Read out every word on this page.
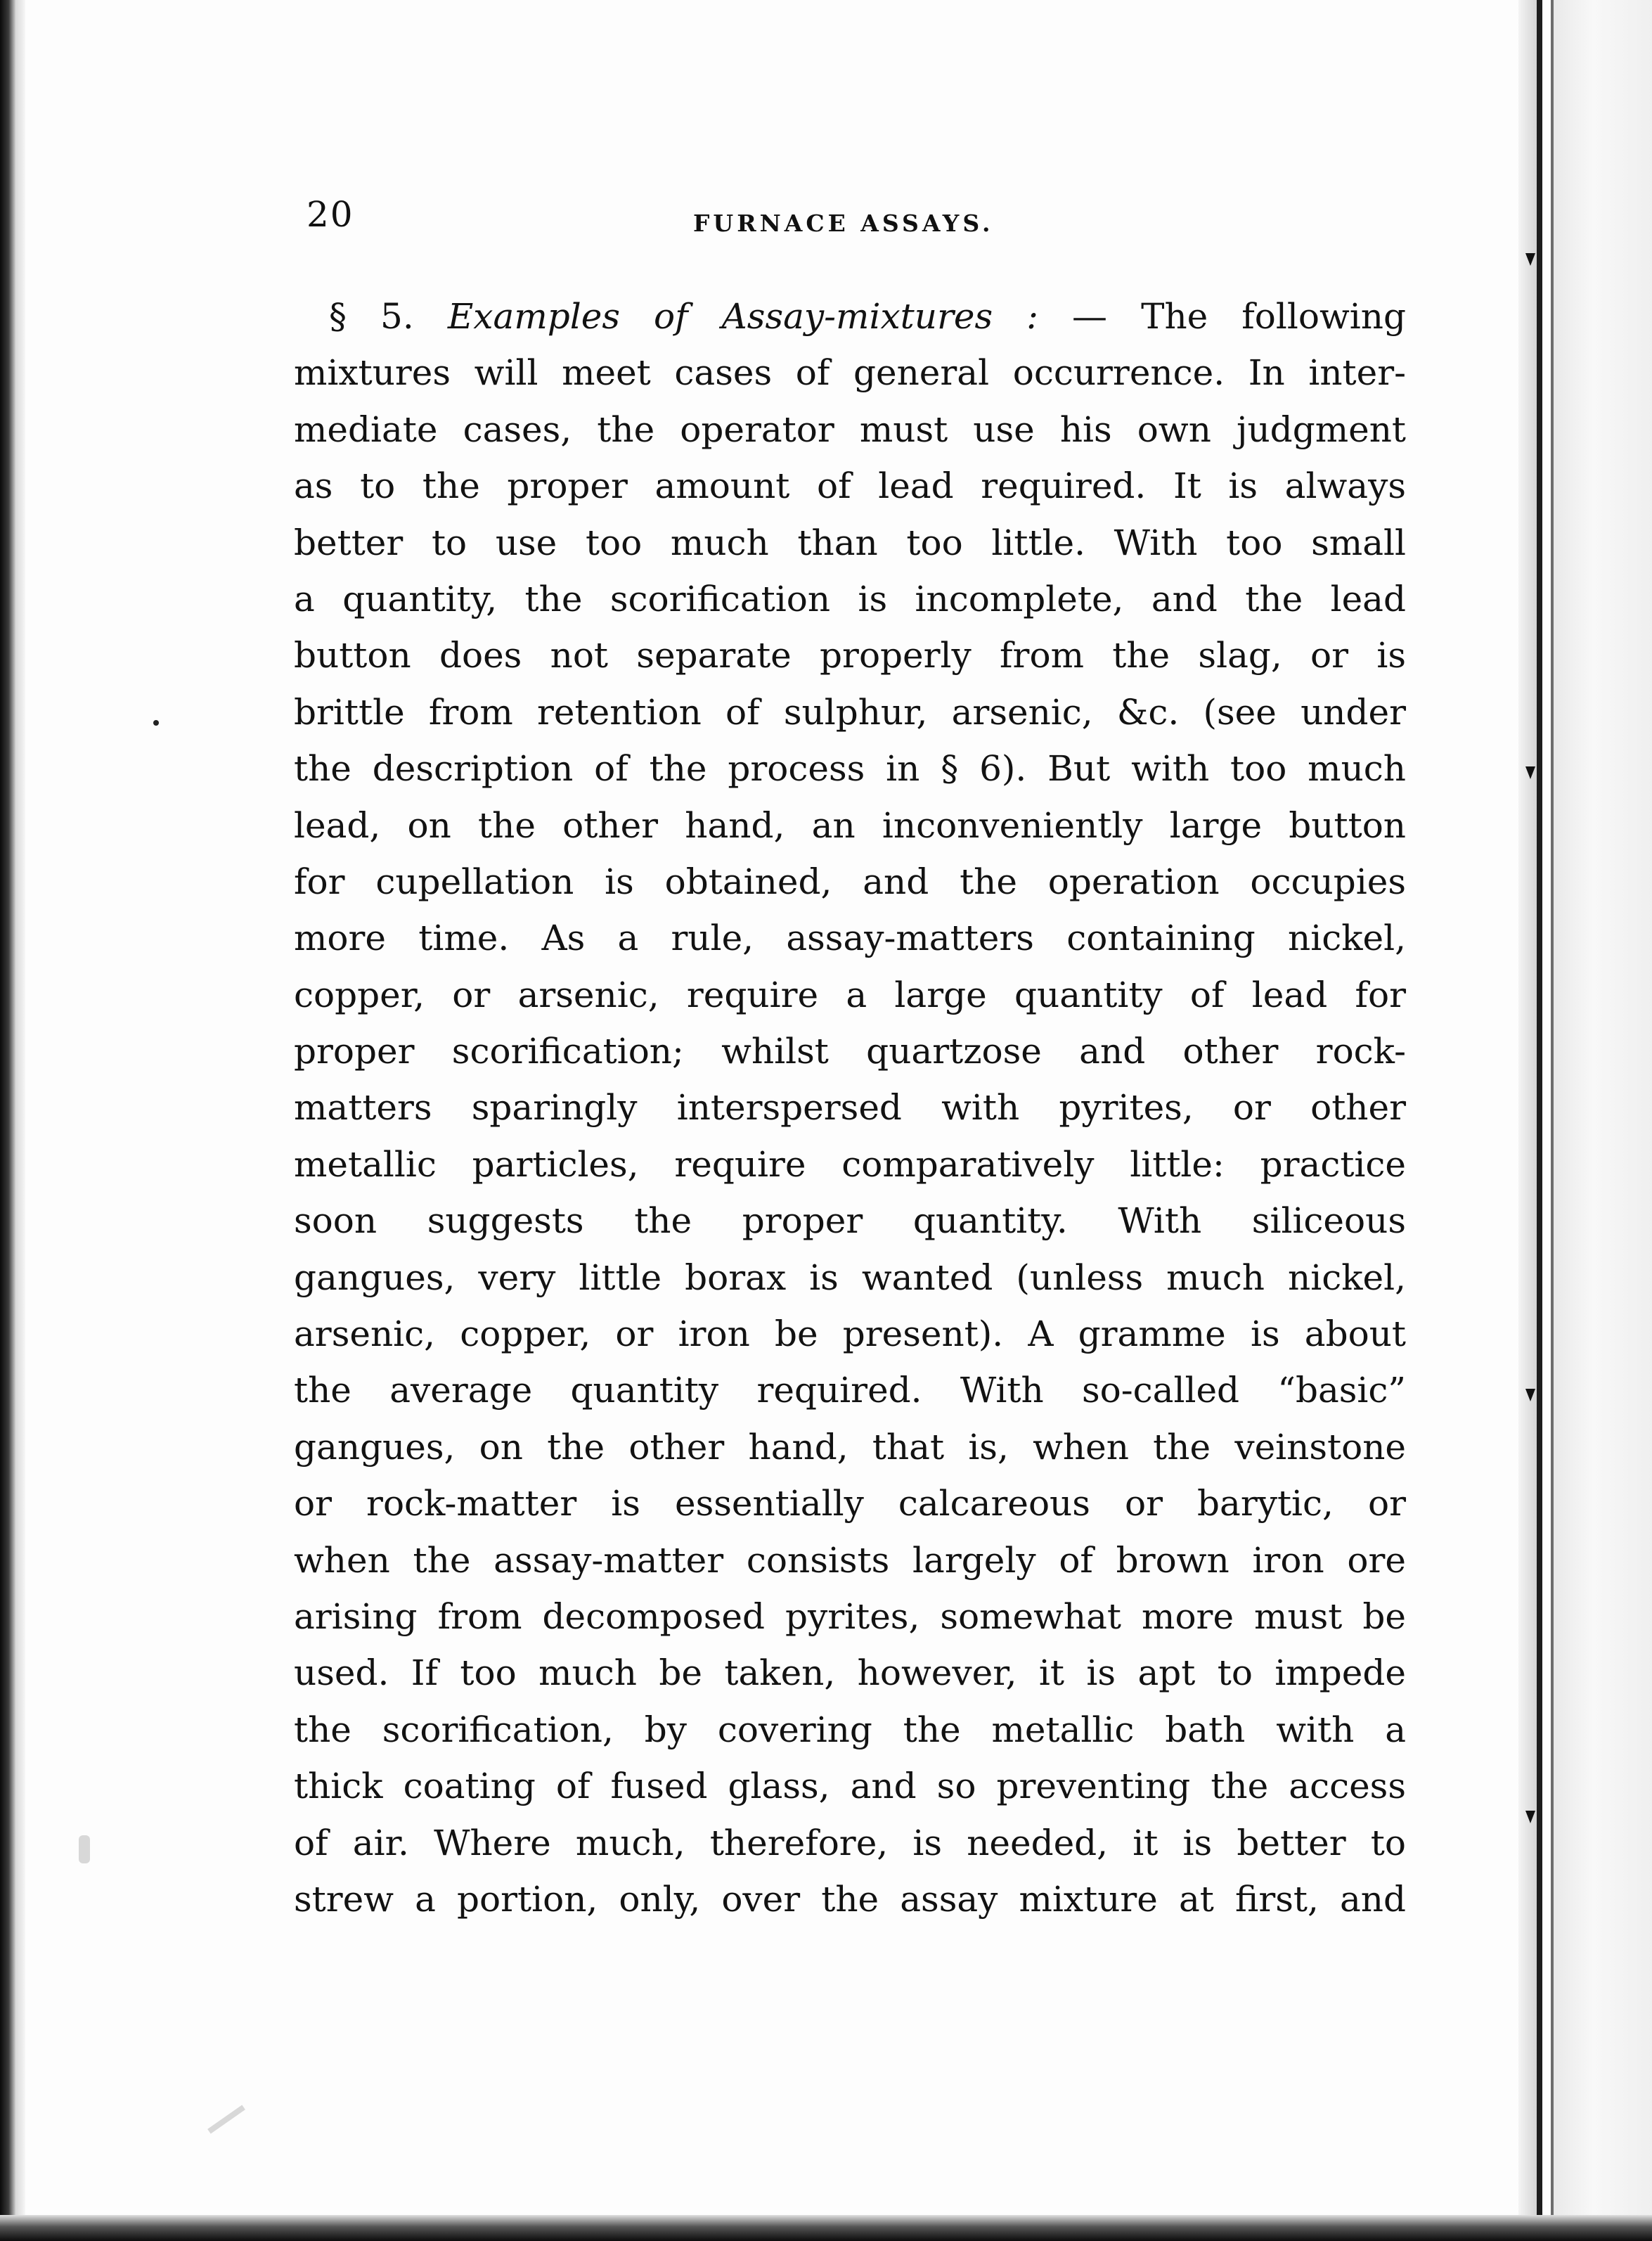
20	FURNACE ASSAYS.
§ 5. Examples of Assay-mixtures : — The following
mixtures will meet cases of general occurrence. In inter-
mediate cases, the operator must use his own judgment
as to the proper amount of lead required. It is always
better to use too much than too little. With too small
a quantity, the scorification is incomplete, and the lead
button does not separate properly from the slag, or is
brittle from retention of sulphur, arsenic, &c. (see under
the description of the process in § 6). But with too much
lead, on the other hand, an inconveniently large button
for cupellation is obtained, and the operation occupies
more time. As a rule, assay-matters containing nickel,
copper, or arsenic, require a large quantity of lead for
proper scorification; whilst quartzose and other rock-
matters sparingly interspersed with pyrites, or other
metallic particles, require comparatively little: practice
soon suggests the proper quantity. With siliceous
gangues, very little borax is wanted (unless much nickel,
arsenic, copper, or iron be present). A gramme is about
the average quantity required. With so-called “basic”
gangues, on the other hand, that is, when the veinstone
or rock-matter is essentially calcareous or barytic, or
when the assay-matter consists largely of brown iron ore
arising from decomposed pyrites, somewhat more must be
used. If too much be taken, however, it is apt to impede
the scorification, by covering the metallic bath with a
thick coating of fused glass, and so preventing the access
of air. Where much, therefore, is needed, it is better to
strew a portion, only, over the assay mixture at first, and
